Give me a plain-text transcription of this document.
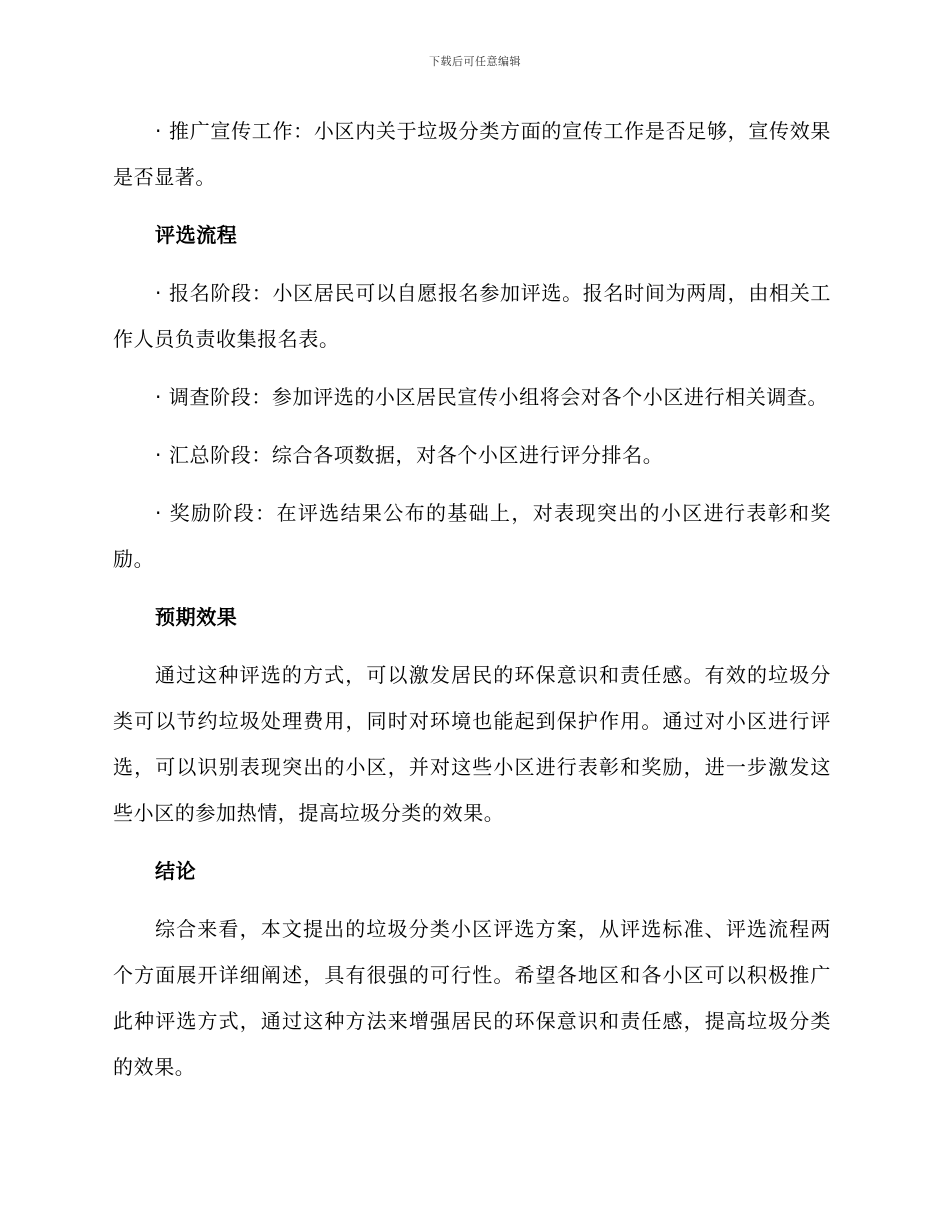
下载后可任意编辑

· 推广宣传工作：小区内关于垃圾分类方面的宣传工作是否足够，宣传效果是否显著。

评选流程

· 报名阶段：小区居民可以自愿报名参加评选。报名时间为两周，由相关工作人员负责收集报名表。

· 调查阶段：参加评选的小区居民宣传小组将会对各个小区进行相关调查。

· 汇总阶段：综合各项数据，对各个小区进行评分排名。

· 奖励阶段：在评选结果公布的基础上，对表现突出的小区进行表彰和奖励。

预期效果

通过这种评选的方式，可以激发居民的环保意识和责任感。有效的垃圾分类可以节约垃圾处理费用，同时对环境也能起到保护作用。通过对小区进行评选，可以识别表现突出的小区，并对这些小区进行表彰和奖励，进一步激发这些小区的参加热情，提高垃圾分类的效果。

结论

综合来看，本文提出的垃圾分类小区评选方案，从评选标准、评选流程两个方面展开详细阐述，具有很强的可行性。希望各地区和各小区可以积极推广此种评选方式，通过这种方法来增强居民的环保意识和责任感，提高垃圾分类的效果。
